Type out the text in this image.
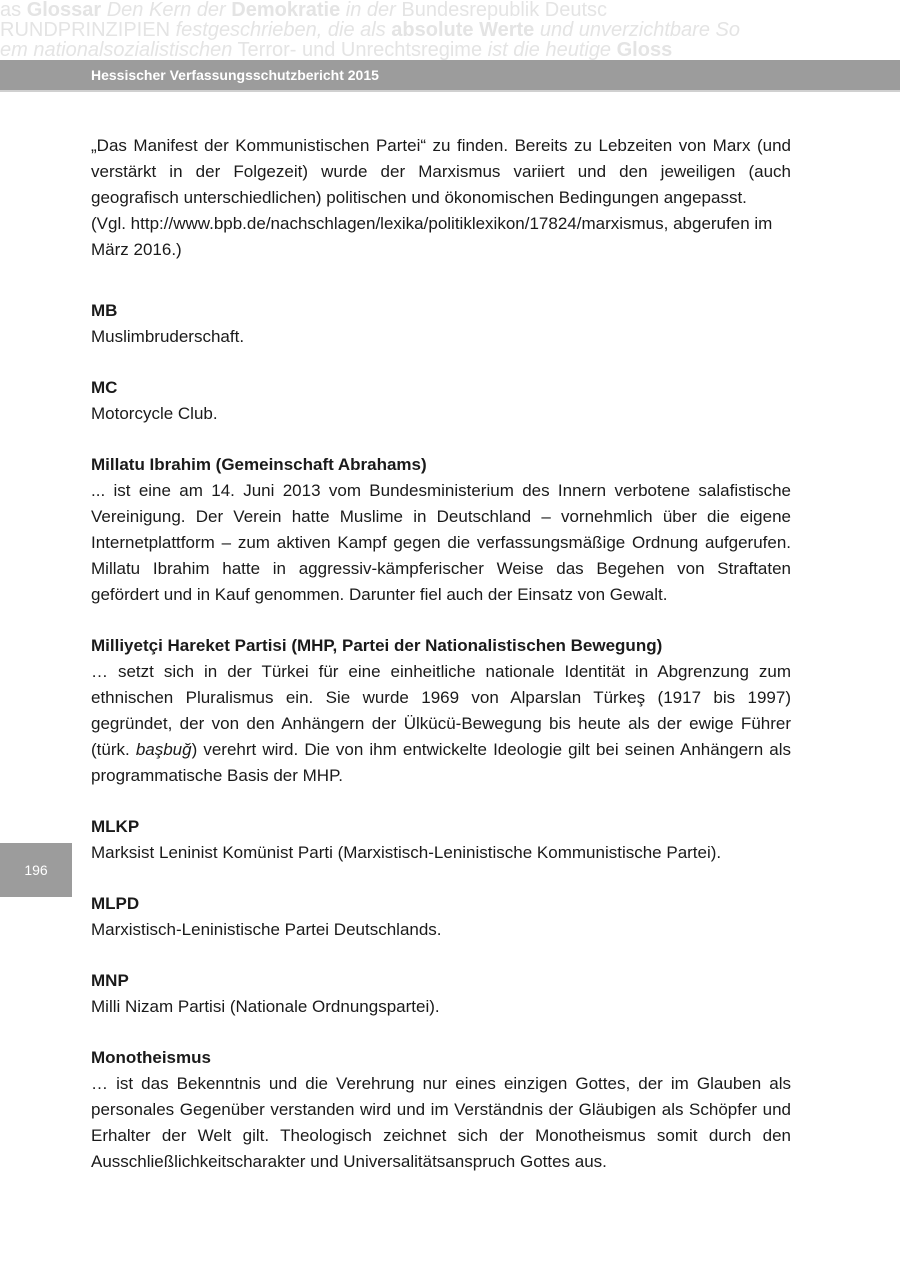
as Glossar Den Kern der Demokratie in der Bundesrepublik Deutsc
RUNDPRINZIPIEN festgeschrieben, die als absolute Werte und unverzichtbare So
em nationalsozialistischen Terror- und Unrechtsregime ist die heutige Gloss
Hessischer Verfassungsschutzbericht 2015
196

„Das Manifest der Kommunistischen Partei“ zu finden. Bereits zu Lebzeiten von Marx (und verstärkt in der Folgezeit) wurde der Marxismus variiert und den jeweiligen (auch geografisch unterschiedlichen) politischen und ökonomischen Bedingungen angepasst.

(Vgl. http://www.bpb.de/nachschlagen/lexika/politiklexikon/17824/marxismus, abgerufen im März 2016.)

MB

Muslimbruderschaft.

MC

Motorcycle Club.

Millatu Ibrahim (Gemeinschaft Abrahams)

... ist eine am 14. Juni 2013 vom Bundesministerium des Innern verbotene salafistische Vereinigung. Der Verein hatte Muslime in Deutschland – vornehmlich über die eigene Internetplattform – zum aktiven Kampf gegen die verfassungsmäßige Ordnung aufgerufen. Millatu Ibrahim hatte in aggressiv-kämpferischer Weise das Begehen von Straftaten gefördert und in Kauf genommen. Darunter fiel auch der Einsatz von Gewalt.

Milliyetçi Hareket Partisi (MHP, Partei der Nationalistischen Bewegung)

… setzt sich in der Türkei für eine einheitliche nationale Identität in Abgrenzung zum ethnischen Pluralismus ein. Sie wurde 1969 von Alparslan Türkeş (1917 bis 1997) gegründet, der von den Anhängern der Ülkücü-Bewegung bis heute als der ewige Führer (türk. başbuğ) verehrt wird. Die von ihm entwickelte Ideologie gilt bei seinen Anhängern als programmatische Basis der MHP.

MLKP

Marksist Leninist Komünist Parti (Marxistisch-Leninistische Kommunistische Partei).

MLPD

Marxistisch-Leninistische Partei Deutschlands.

MNP

Milli Nizam Partisi (Nationale Ordnungspartei).

Monotheismus

… ist das Bekenntnis und die Verehrung nur eines einzigen Gottes, der im Glauben als personales Gegenüber verstanden wird und im Verständnis der Gläubigen als Schöpfer und Erhalter der Welt gilt. Theologisch zeichnet sich der Monotheismus somit durch den Ausschließlichkeitscharakter und Universalitätsanspruch Gottes aus.
